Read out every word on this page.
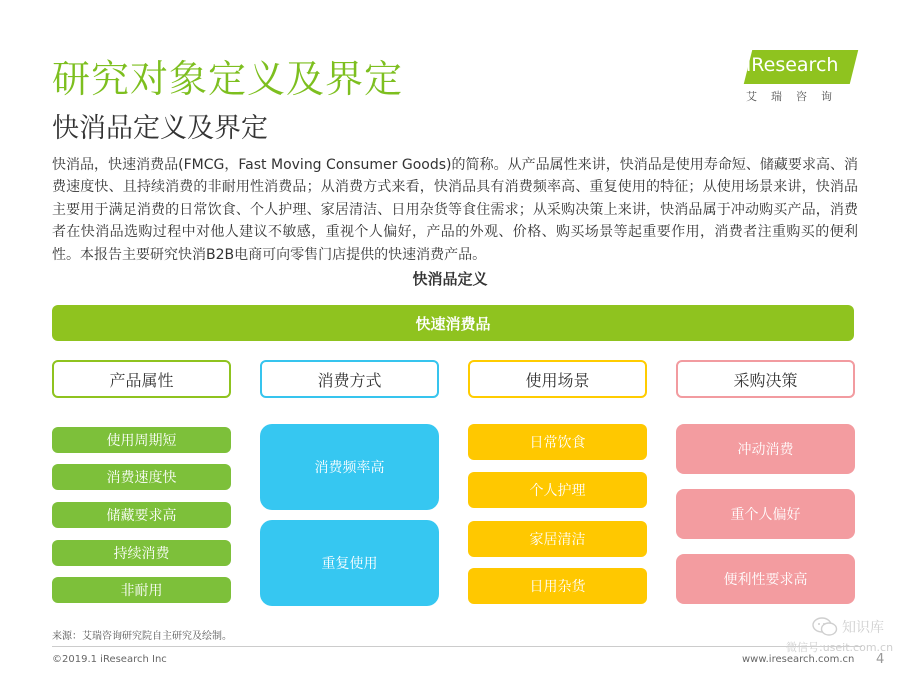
研究对象定义及界定
快消品定义及界定
iResearch
艾瑞咨询
快消品，快速消费品(FMCG，Fast Moving Consumer Goods)的简称。从产品属性来讲，快消品是使用寿命短、储藏要求高、消费速度快、且持续消费的非耐用性消费品；从消费方式来看，快消品具有消费频率高、重复使用的特征；从使用场景来讲，快消品主要用于满足消费的日常饮食、个人护理、家居清洁、日用杂货等食住需求；从采购决策上来讲，快消品属于冲动购买产品，消费者在快消品选购过程中对他人建议不敏感，重视个人偏好，产品的外观、价格、购买场景等起重要作用，消费者注重购买的便利性。本报告主要研究快消B2B电商可向零售门店提供的快速消费产品。
快消品定义
快速消费品
产品属性	消费方式	使用场景	采购决策
使用周期短
消费速度快
储藏要求高
持续消费
非耐用
消费频率高
重复使用
日常饮食
个人护理
家居清洁
日用杂货
冲动消费
重个人偏好
便利性要求高
来源：艾瑞咨询研究院自主研究及绘制。
©2019.1 iResearch Inc	www.iresearch.com.cn 4
知识库
微信号:useit.com.cn
